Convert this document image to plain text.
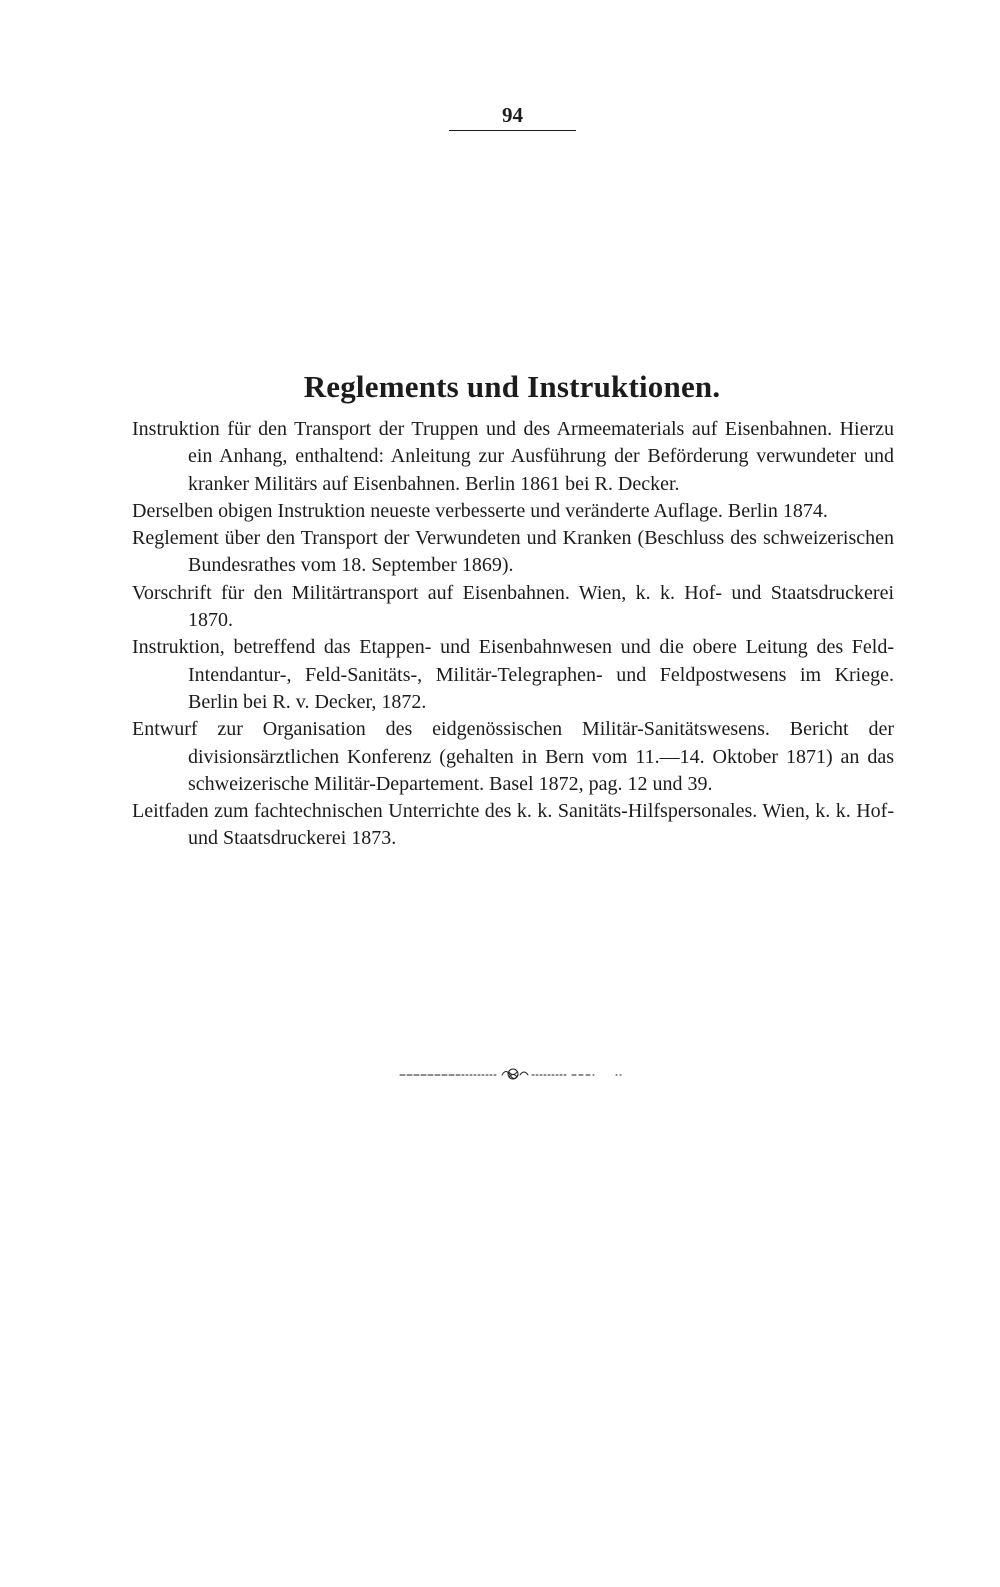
94
Reglements und Instruktionen.
Instruktion für den Transport der Truppen und des Armeematerials auf Eisenbahnen. Hierzu ein Anhang, enthaltend: Anleitung zur Ausführung der Beförderung verwundeter und kranker Militärs auf Eisenbahnen. Berlin 1861 bei R. Decker.
Derselben obigen Instruktion neueste verbesserte und veränderte Auflage. Berlin 1874.
Reglement über den Transport der Verwundeten und Kranken (Beschluss des schweizerischen Bundesrathes vom 18. September 1869).
Vorschrift für den Militärtransport auf Eisenbahnen. Wien, k. k. Hof- und Staatsdruckerei 1870.
Instruktion, betreffend das Etappen- und Eisenbahnwesen und die obere Leitung des Feld-Intendantur-, Feld-Sanitäts-, Militär-Telegraphen- und Feldpostwesens im Kriege. Berlin bei R. v. Decker, 1872.
Entwurf zur Organisation des eidgenössischen Militär-Sanitätswesens. Bericht der divisionsärztlichen Konferenz (gehalten in Bern vom 11.—14. Oktober 1871) an das schweizerische Militär-Departement. Basel 1872, pag. 12 und 39.
Leitfaden zum fachtechnischen Unterrichte des k. k. Sanitäts-Hilfspersonales. Wien, k. k. Hof- und Staatsdruckerei 1873.
